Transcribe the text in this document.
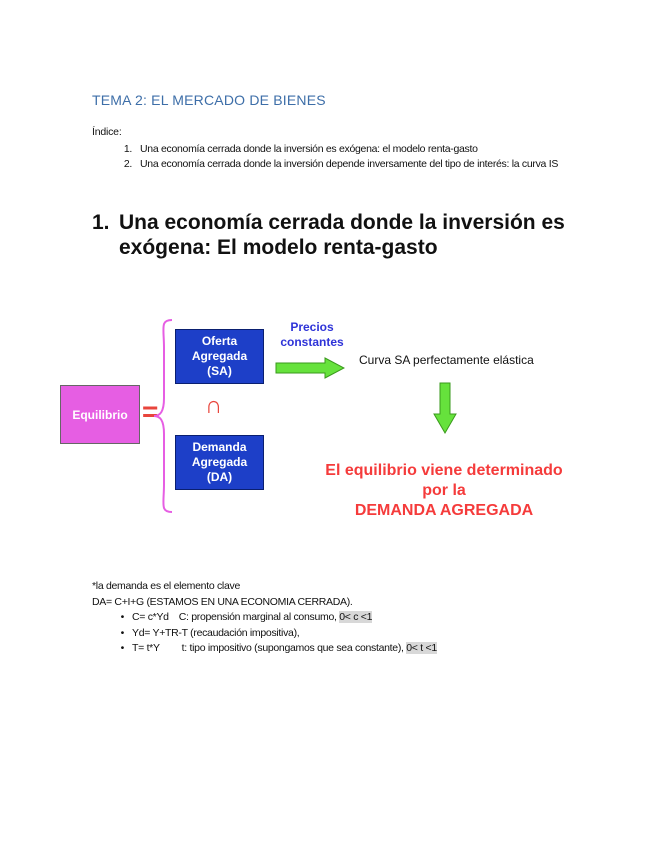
TEMA 2: EL MERCADO DE BIENES
Índice:
1. Una economía cerrada donde la inversión es exógena: el modelo renta-gasto
2. Una economía cerrada donde la inversión depende inversamente del tipo de interés: la curva IS
1. Una economía cerrada donde la inversión es
exógena: El modelo renta-gasto
Equilibrio =
Oferta
Agregada
(SA)
∩
Demanda
Agregada
(DA)
Precios
constantes
Curva SA perfectamente elástica
El equilibrio viene determinado
por la
DEMANDA AGREGADA
*la demanda es el elemento clave
DA= C+I+G (ESTAMOS EN UNA ECONOMIA CERRADA).
• C= c*Yd C: propensión marginal al consumo, 0< c <1
• Yd= Y+TR-T (recaudación impositiva),
• T= t*Y t: tipo impositivo (supongamos que sea constante), 0< t <1
